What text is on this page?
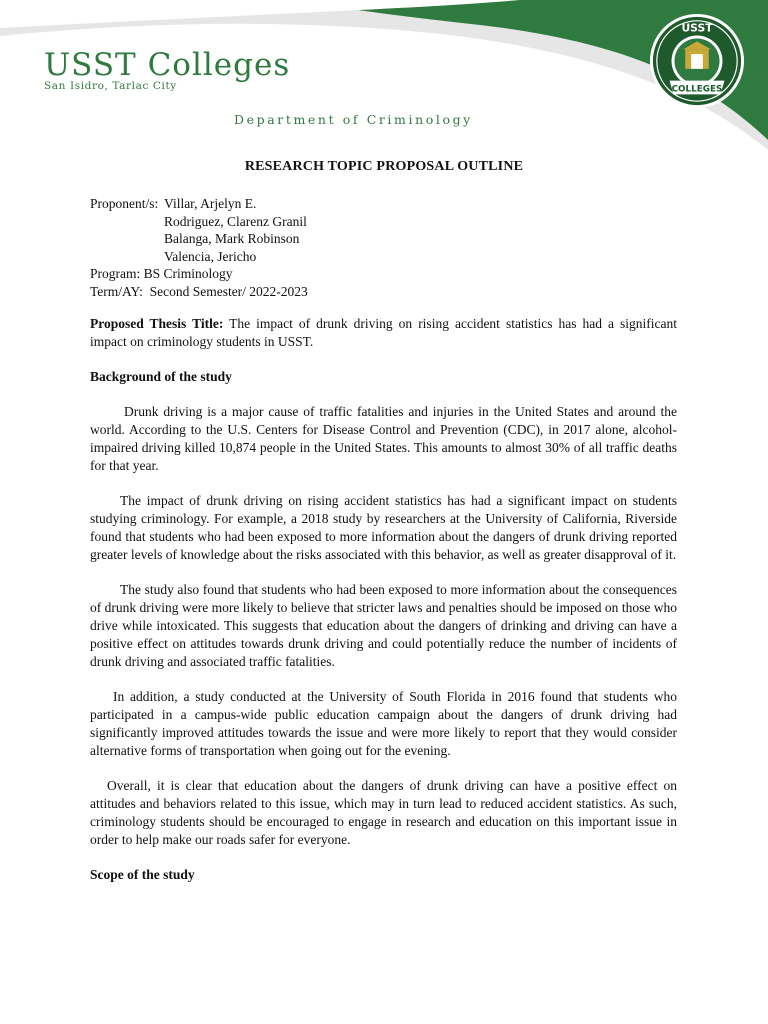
USST Colleges
San Isidro, Tarlac City
Department of Criminology
USST
COLLEGES
RESEARCH TOPIC PROPOSAL OUTLINE
Proponent/s: Villar, Arjelyn E.
Rodriguez, Clarenz Granil
Balanga, Mark Robinson
Valencia, Jericho
Program:
BS Criminology
Term/AY:
Second Semester/ 2022-2023

Proposed Thesis Title: The impact of drunk driving on rising accident statistics has had a significant impact on criminology students in USST.

Background of the study

Drunk driving is a major cause of traffic fatalities and injuries in the United States and around the world. According to the U.S. Centers for Disease Control and Prevention (CDC), in 2017 alone, alcohol-impaired driving killed 10,874 people in the United States. This amounts to almost 30% of all traffic deaths for that year.

The impact of drunk driving on rising accident statistics has had a significant impact on students studying criminology. For example, a 2018 study by researchers at the University of California, Riverside found that students who had been exposed to more information about the dangers of drunk driving reported greater levels of knowledge about the risks associated with this behavior, as well as greater disapproval of it.

The study also found that students who had been exposed to more information about the consequences of drunk driving were more likely to believe that stricter laws and penalties should be imposed on those who drive while intoxicated. This suggests that education about the dangers of drinking and driving can have a positive effect on attitudes towards drunk driving and could potentially reduce the number of incidents of drunk driving and associated traffic fatalities.

In addition, a study conducted at the University of South Florida in 2016 found that students who participated in a campus-wide public education campaign about the dangers of drunk driving had significantly improved attitudes towards the issue and were more likely to report that they would consider alternative forms of transportation when going out for the evening.

Overall, it is clear that education about the dangers of drunk driving can have a positive effect on attitudes and behaviors related to this issue, which may in turn lead to reduced accident statistics. As such, criminology students should be encouraged to engage in research and education on this important issue in order to help make our roads safer for everyone.

Scope of the study
